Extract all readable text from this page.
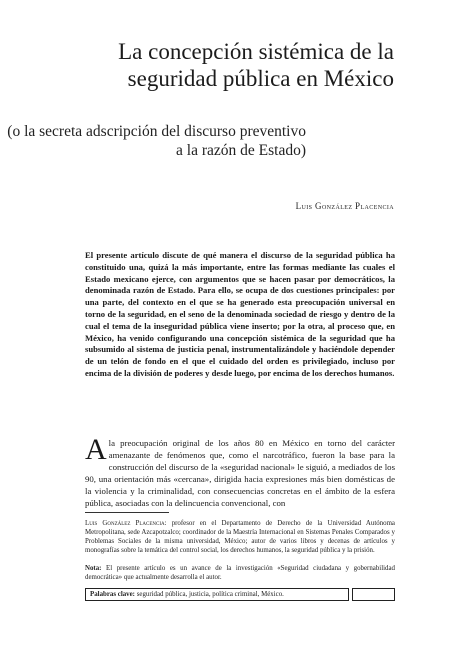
La concepción sistémica de la seguridad pública en México
(o la secreta adscripción del discurso preventivo a la razón de Estado)
Luis González Placencia
El presente artículo discute de qué manera el discurso de la seguridad pública ha constituido una, quizá la más importante, entre las formas mediante las cuales el Estado mexicano ejerce, con argumentos que se hacen pasar por democráticos, la denominada razón de Estado. Para ello, se ocupa de dos cuestiones principales: por una parte, del contexto en el que se ha generado esta preocupación universal en torno de la seguridad, en el seno de la denominada sociedad de riesgo y dentro de la cual el tema de la inseguridad pública viene inserto; por la otra, al proceso que, en México, ha venido configurando una concepción sistémica de la seguridad que ha subsumido al sistema de justicia penal, instrumentalizándole y haciéndole depender de un telón de fondo en el que el cuidado del orden es privilegiado, incluso por encima de la división de poderes y desde luego, por encima de los derechos humanos.
Ala preocupación original de los años 80 en México en torno del carácter amenazante de fenómenos que, como el narcotráfico, fueron la base para la construcción del discurso de la «seguridad nacional» le siguió, a mediados de los 90, una orientación más «cercana», dirigida hacia expresiones más bien domésticas de la violencia y la criminalidad, con consecuencias concretas en el ámbito de la esfera pública, asociadas con la delincuencia convencional, con
Luis González Placencia: profesor en el Departamento de Derecho de la Universidad Autónoma Metropolitana, sede Azcapotzalco; coordinador de la Maestría Internacional en Sistemas Penales Comparados y Problemas Sociales de la misma universidad, México; autor de varios libros y decenas de artículos y monografías sobre la temática del control social, los derechos humanos, la seguridad pública y la prisión.
Nota: El presente artículo es un avance de la investigación «Seguridad ciudadana y gobernabilidad democrática» que actualmente desarrolla el autor.
Palabras clave: seguridad pública, justicia, política criminal, México.
